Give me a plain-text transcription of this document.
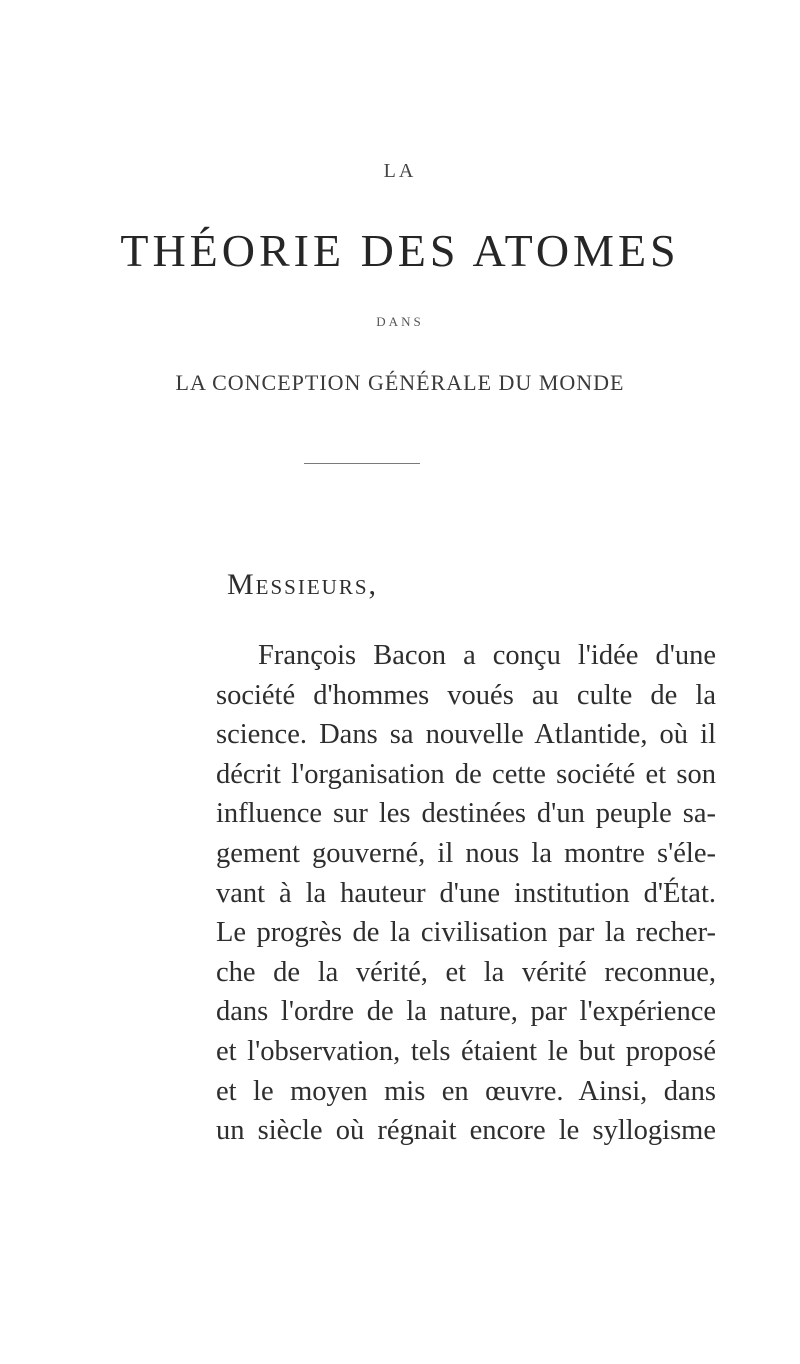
LA
THÉORIE DES ATOMES
DANS
LA CONCEPTION GÉNÉRALE DU MONDE
Messieurs,
François Bacon a conçu l'idée d'une
société d'hommes voués au culte de la
science. Dans sa nouvelle Atlantide, où il
décrit l'organisation de cette société et son
influence sur les destinées d'un peuple sa-
gement gouverné, il nous la montre s'éle-
vant à la hauteur d'une institution d'État.
Le progrès de la civilisation par la recher-
che de la vérité, et la vérité reconnue,
dans l'ordre de la nature, par l'expérience
et l'observation, tels étaient le but proposé
et le moyen mis en œuvre. Ainsi, dans
un siècle où régnait encore le syllogisme
